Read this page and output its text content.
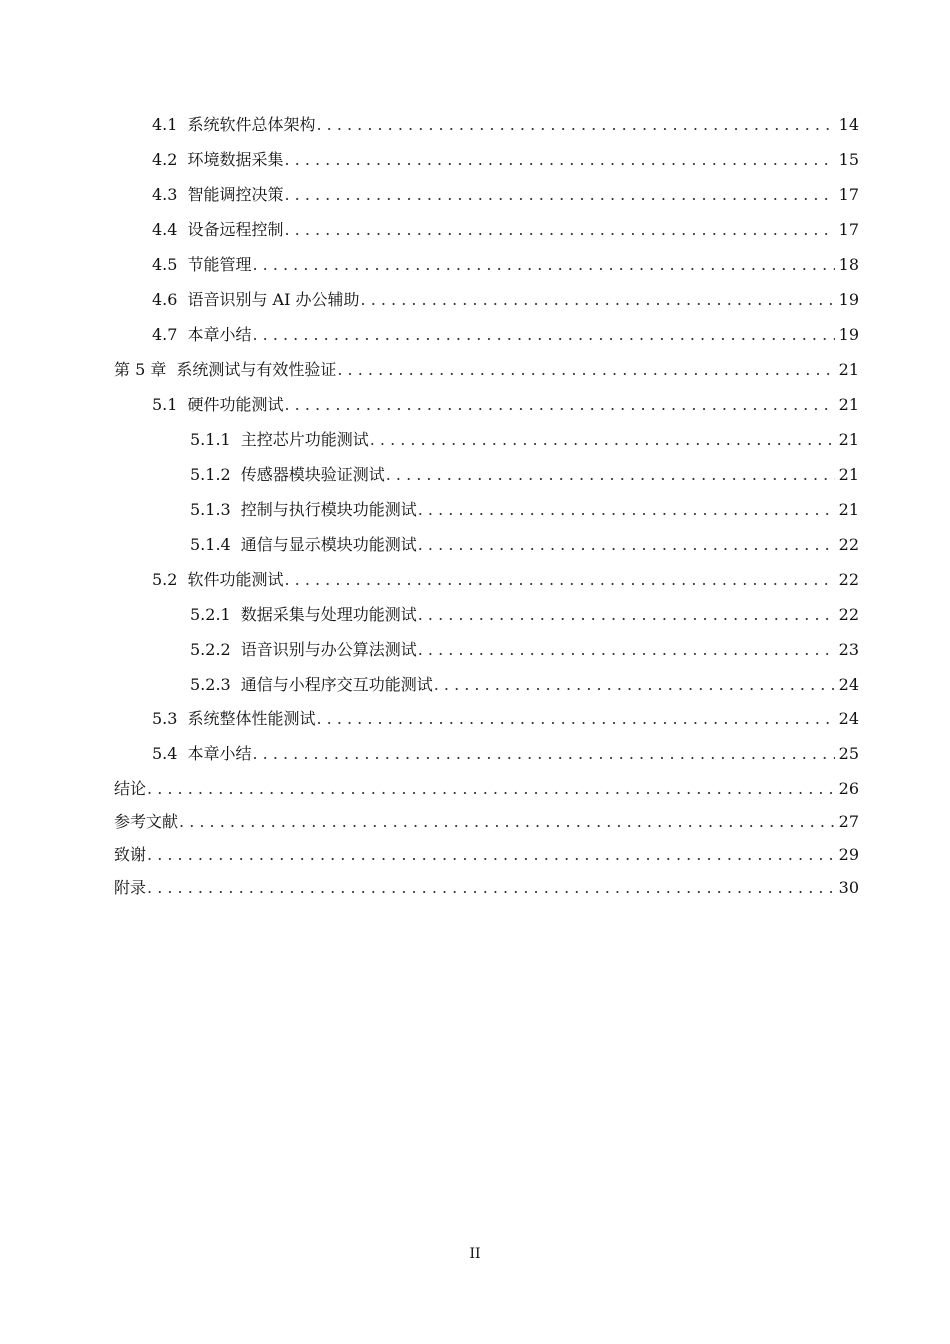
4.1 系统软件总体架构 . . .	14
4.2 环境数据采集 . . .	15
4.3 智能调控决策 . . .	17
4.4 设备远程控制 . . .	17
4.5 节能管理 . . .	18
4.6 语音识别与 AI 办公辅助 . . .	19
4.7 本章小结 . . .	19
第 5 章 系统测试与有效性验证 . . .	21
5.1 硬件功能测试 . . .	21
5.1.1 主控芯片功能测试 . . .	21
5.1.2 传感器模块验证测试 . . .	21
5.1.3 控制与执行模块功能测试 . . .	21
5.1.4 通信与显示模块功能测试 . . .	22
5.2 软件功能测试 . . .	22
5.2.1 数据采集与处理功能测试 . . .	22
5.2.2 语音识别与办公算法测试 . . .	23
5.2.3 通信与小程序交互功能测试 . . .	24
5.3 系统整体性能测试 . . .	24
5.4 本章小结 . . .	25
结论 . . .	26
参考文献 . . .	27
致谢 . . .	29
附录 . . .	30
II
